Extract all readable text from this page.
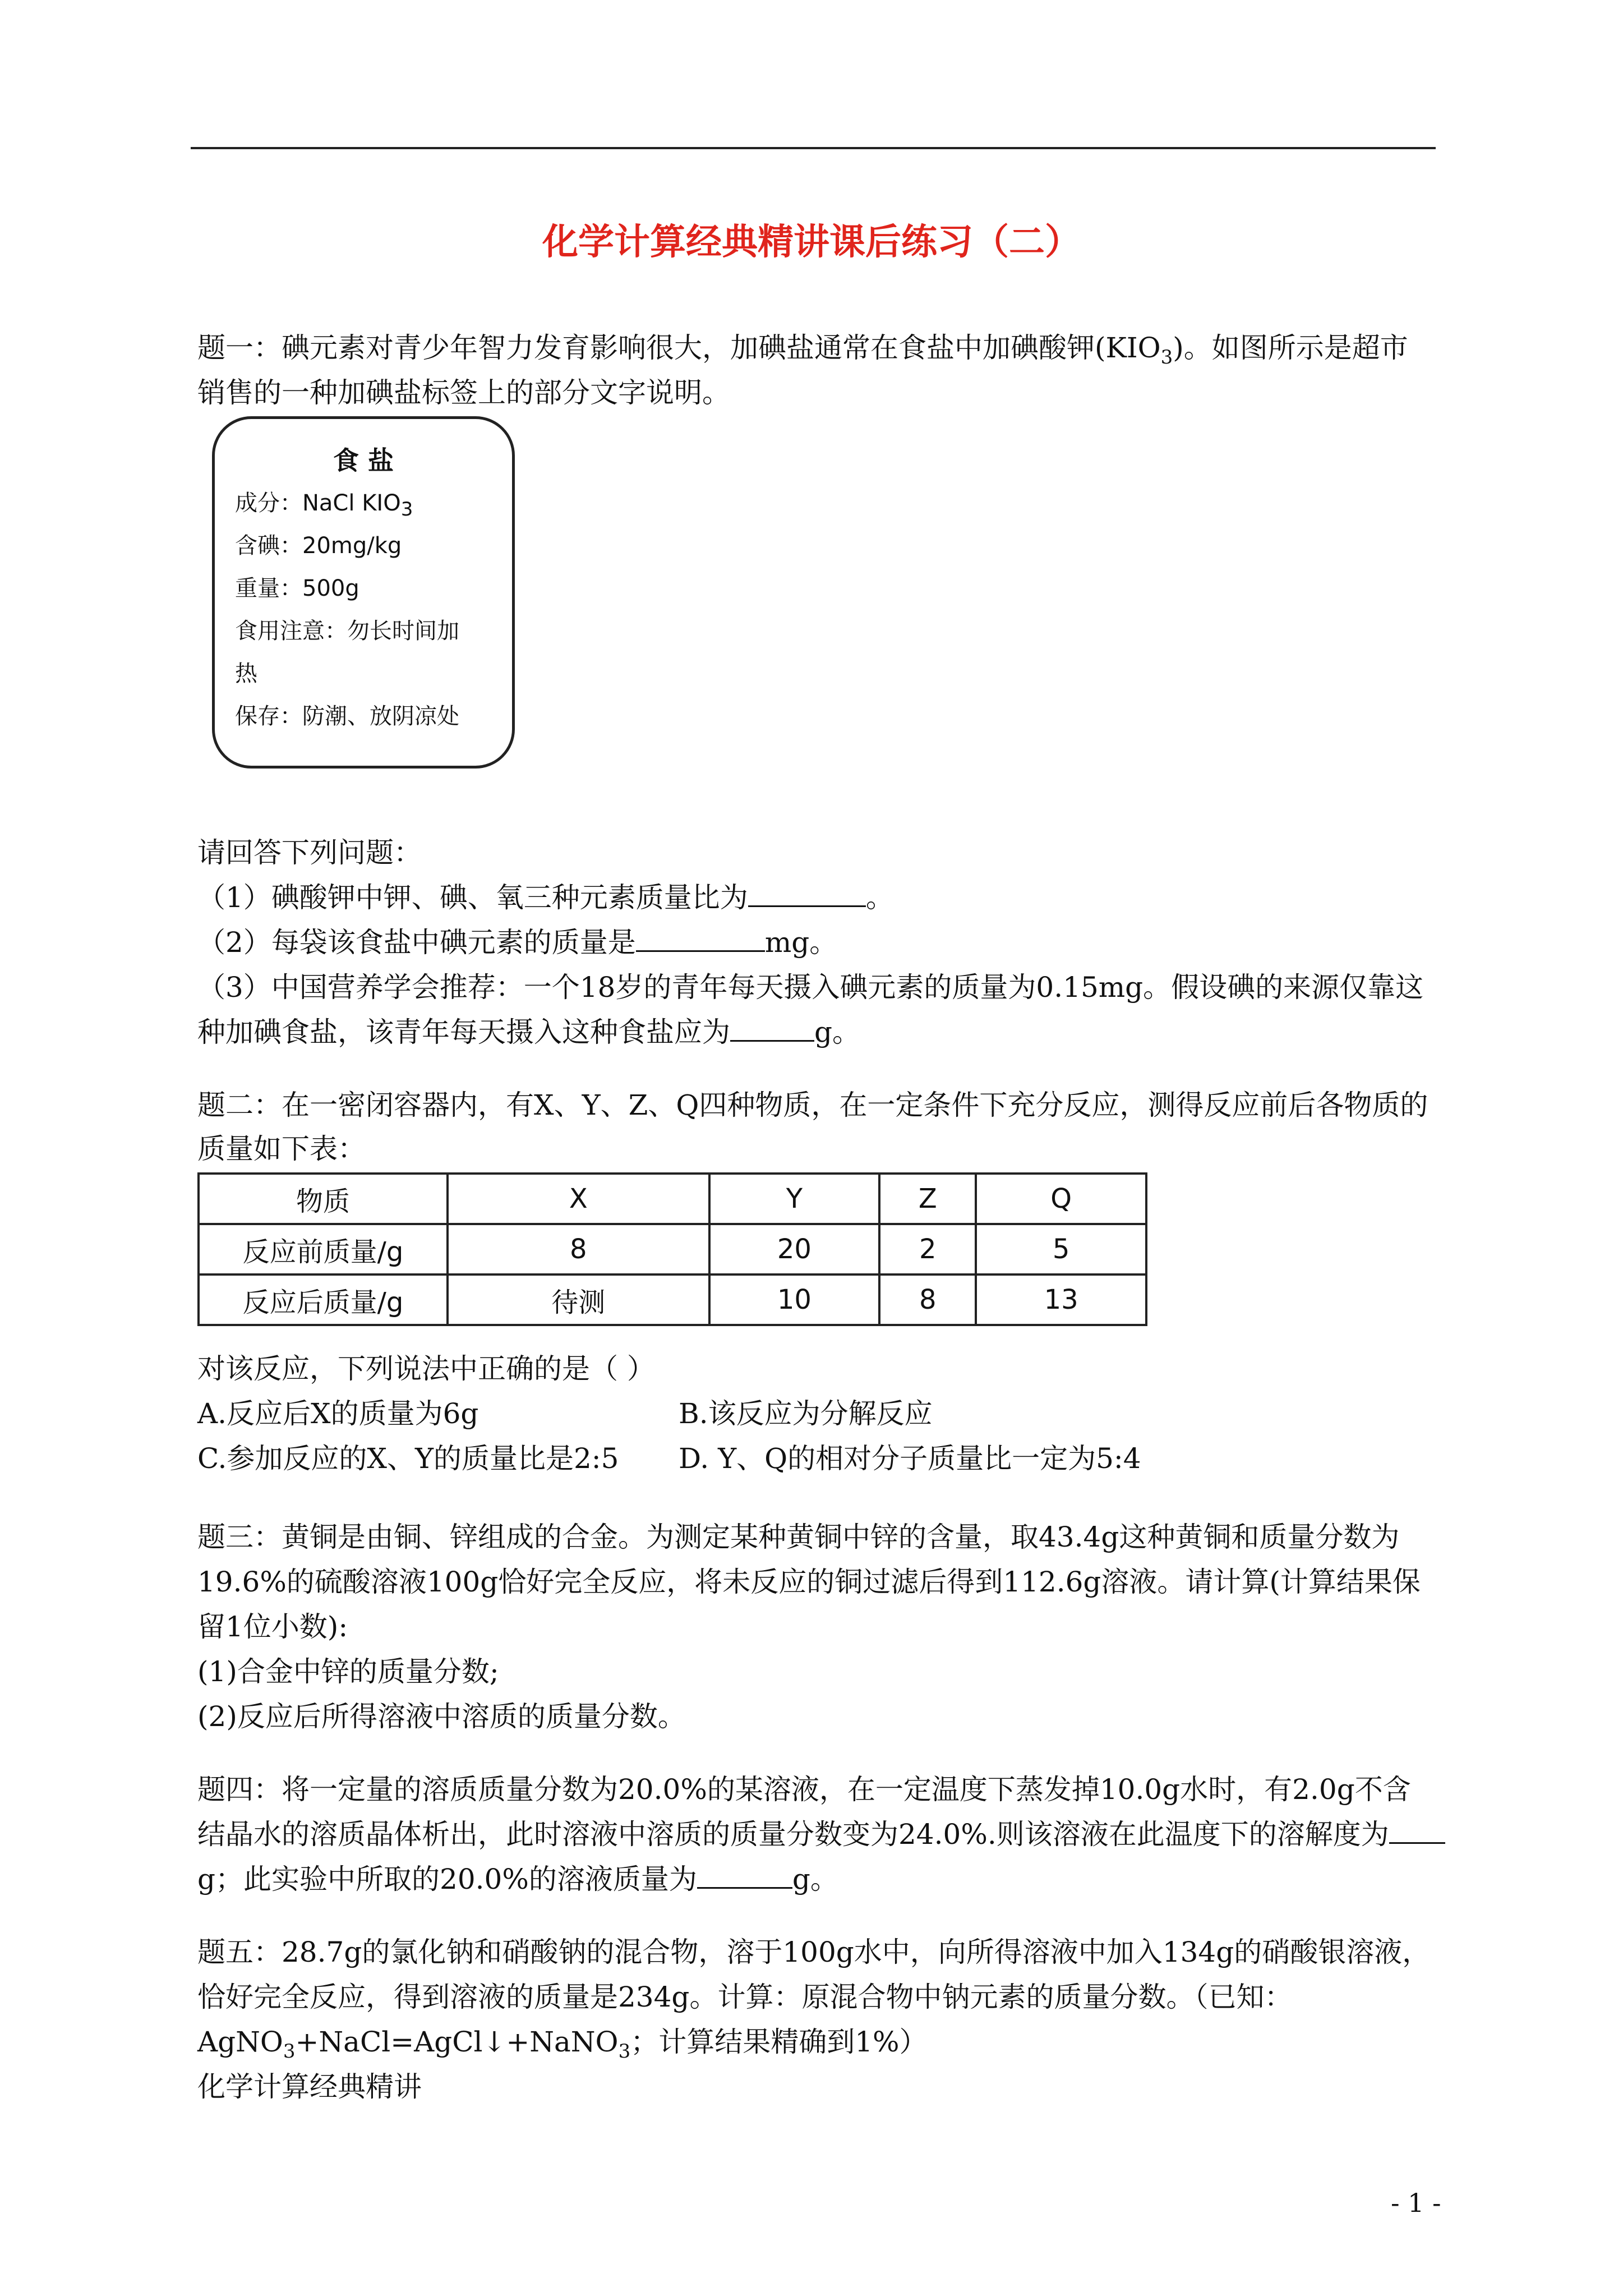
化学计算经典精讲课后练习（二）
题一：碘元素对青少年智力发育影响很大，加碘盐通常在食盐中加碘酸钾$(KIO_3)$。如图所示是超市
销售的一种加碘盐标签上的部分文字说明。
食 盐
成分：NaCl $KIO_3$
含碘：20mg/kg
重量：500g
食用注意：勿长时间加
热
保存：防潮、放阴凉处
请回答下列问题：
（1）碘酸钾中钾、碘、氧三种元素质量比为	。
（2）每袋该食盐中碘元素的质量是	mg。
（3）中国营养学会推荐：一个18岁的青年每天摄入碘元素的质量为0.15mg。假设碘的来源仅靠这
种加碘食盐，该青年每天摄入这种食盐应为	g。
题二：在一密闭容器内，有X、Y、Z、Q四种物质，在一定条件下充分反应，测得反应前后各物质的
质量如下表：
物质	X	Y	Z	Q
反应前质量/g	8	20	2	5
反应后质量/g	待测	10	8	13
对该反应，下列说法中正确的是（ ）
A.反应后X的质量为6g	B.该反应为分解反应
C.参加反应的X、Y的质量比是2:5 D. Y、Q的相对分子质量比一定为5:4
题三：黄铜是由铜、锌组成的合金。为测定某种黄铜中锌的含量，取43.4g这种黄铜和质量分数为
19.6%的硫酸溶液100g恰好完全反应，将未反应的铜过滤后得到112.6g溶液。请计算(计算结果保
留1位小数):
(1)合金中锌的质量分数;
(2)反应后所得溶液中溶质的质量分数。
题四：将一定量的溶质质量分数为20.0%的某溶液，在一定温度下蒸发掉10.0g水时，有2.0g不含
结晶水的溶质晶体析出，此时溶液中溶质的质量分数变为24.0%.则该溶液在此温度下的溶解度为
g；此实验中所取的20.0%的溶液质量为	g。
题五：28.7g的氯化钠和硝酸钠的混合物，溶于100g水中，向所得溶液中加入134g的硝酸银溶液，
恰好完全反应，得到溶液的质量是234g。计算：原混合物中钠元素的质量分数。（已知：
AgNO$_3$+NaCl=AgCl↓+NaNO$_3$；计算结果精确到1%）
化学计算经典精讲
- 1 -
